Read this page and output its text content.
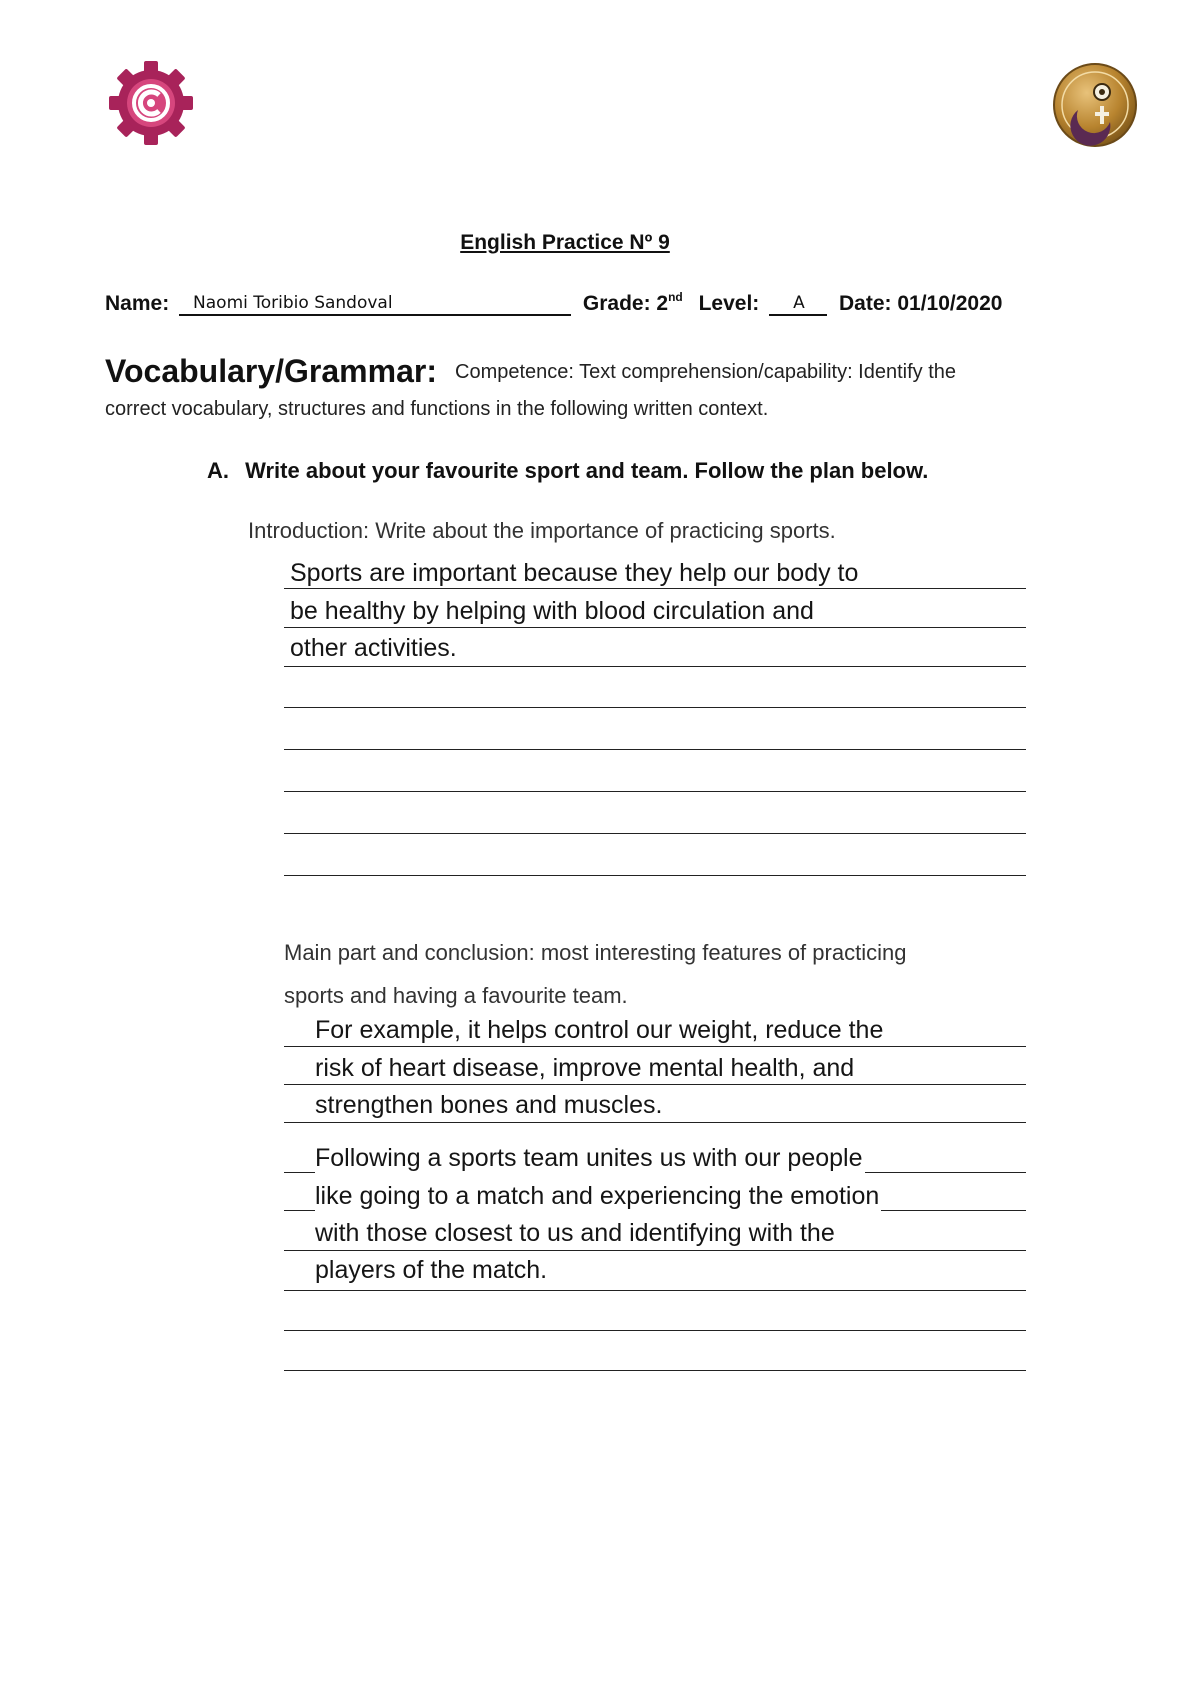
English Practice Nº 9
Name: Naomi Toribio Sandoval	Grade: 2nd Level: A Date: 01/10/2020
Vocabulary/Grammar: Competence: Text comprehension/capability: Identify the
correct vocabulary, structures and functions in the following written context.
A. Write about your favourite sport and team. Follow the plan below.
Introduction: Write about the importance of practicing sports.
Sports are important because they help our body to
be healthy by helping with blood circulation and
other activities.
Main part and conclusion: most interesting features of practicing
sports and having a favourite team.
For example, it helps control our weight, reduce the
risk of heart disease, improve mental health, and
strengthen bones and muscles.
Following a sports team unites us with our people
like going to a match and experiencing the emotion
with those closest to us and identifying with the
players of the match.
